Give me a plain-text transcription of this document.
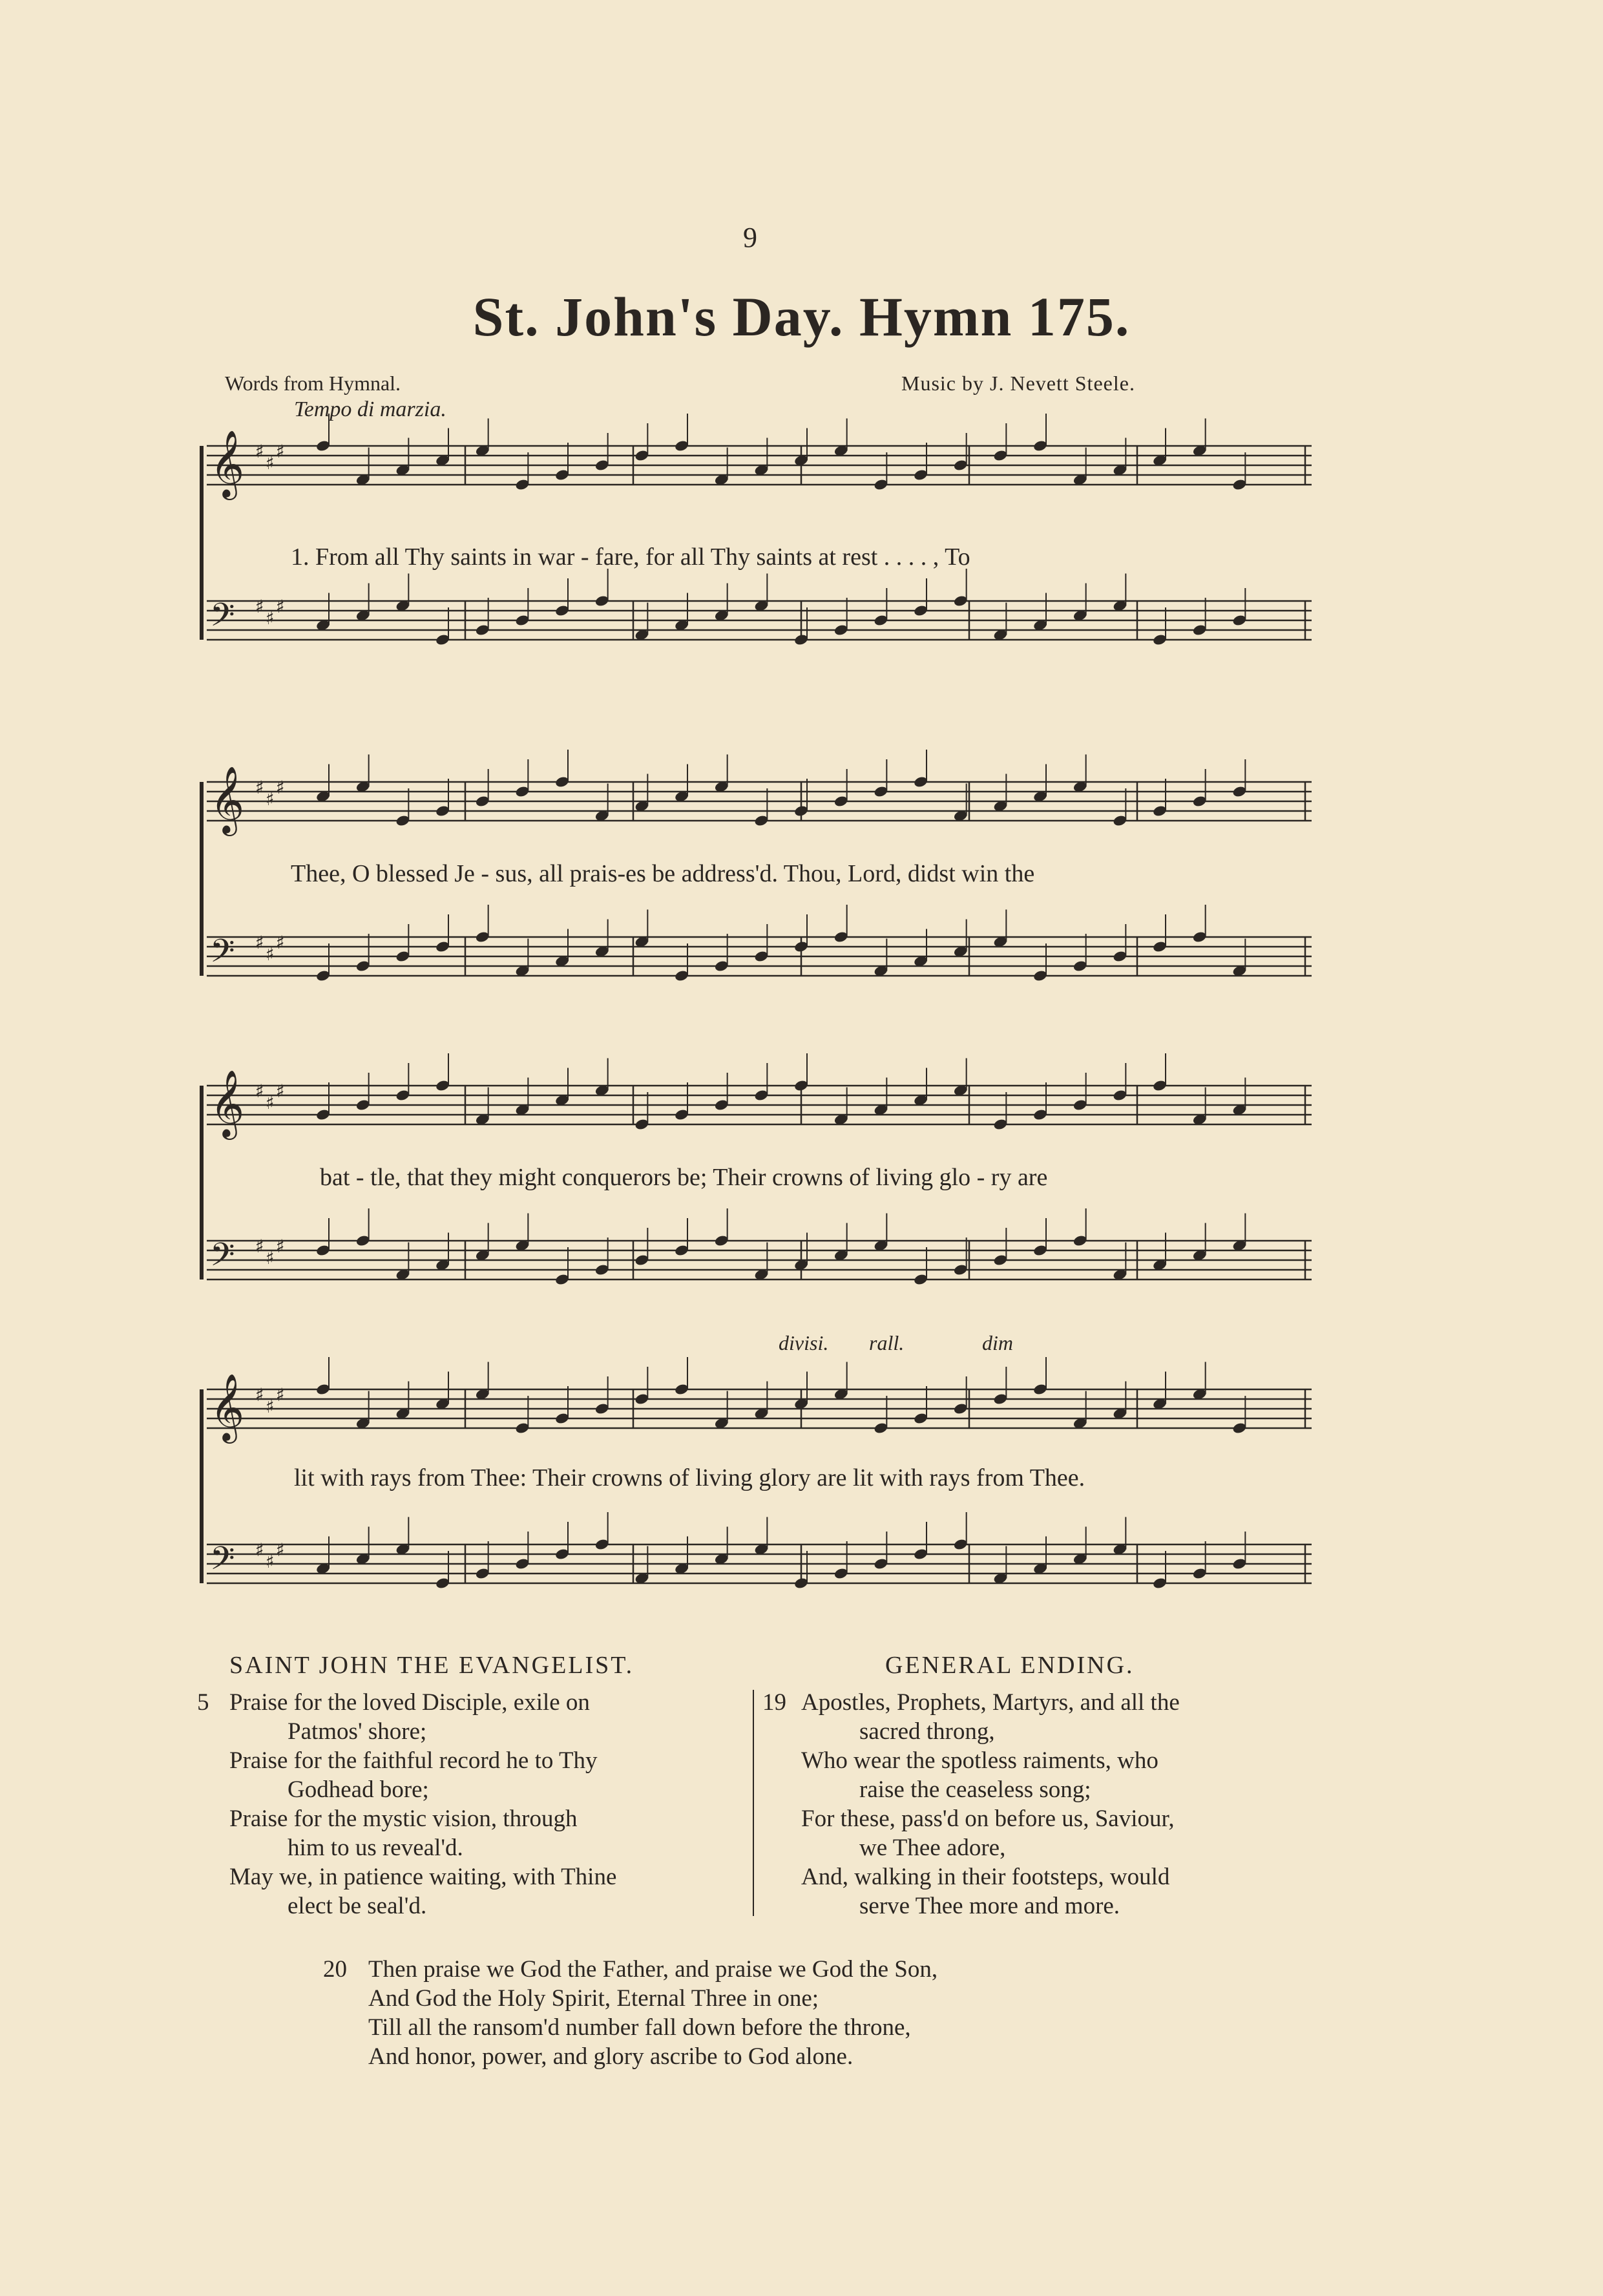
9
St. John's Day. Hymn 175.
Words from Hymnal.	Music by J. Nevett Steele.
Tempo di marzia.
𝄞 ♯
♯
♯
𝄢 ♯
♯
♯
1. From all Thy saints in war - fare, for all Thy saints at rest . . . . , To
𝄞 ♯
♯
♯
𝄢 ♯
♯
♯
Thee, O blessed Je - sus, all prais-es be address'd. Thou, Lord, didst win the
𝄞 ♯
♯
♯
𝄢 ♯
♯
♯
bat - tle, that they might conquerors be; Their crowns of living glo - ry are
𝄞 ♯
♯
♯
𝄢 ♯
♯
♯
lit with rays from Thee: Their crowns of living glory are lit with rays from Thee.
divisi. rall.	dim
SAINT JOHN THE EVANGELIST.	GENERAL ENDING.
5 Praise for the loved Disciple, exile on
Patmos' shore;
Praise for the faithful record he to Thy
Godhead bore;
Praise for the mystic vision, through
him to us reveal'd.
May we, in patience waiting, with Thine
elect be seal'd.
19 Apostles, Prophets, Martyrs, and all the
sacred throng,
Who wear the spotless raiments, who
raise the ceaseless song;
For these, pass'd on before us, Saviour,
we Thee adore,
And, walking in their footsteps, would
serve Thee more and more.
20 Then praise we God the Father, and praise we God the Son,
And God the Holy Spirit, Eternal Three in one;
Till all the ransom'd number fall down before the throne,
And honor, power, and glory ascribe to God alone.
